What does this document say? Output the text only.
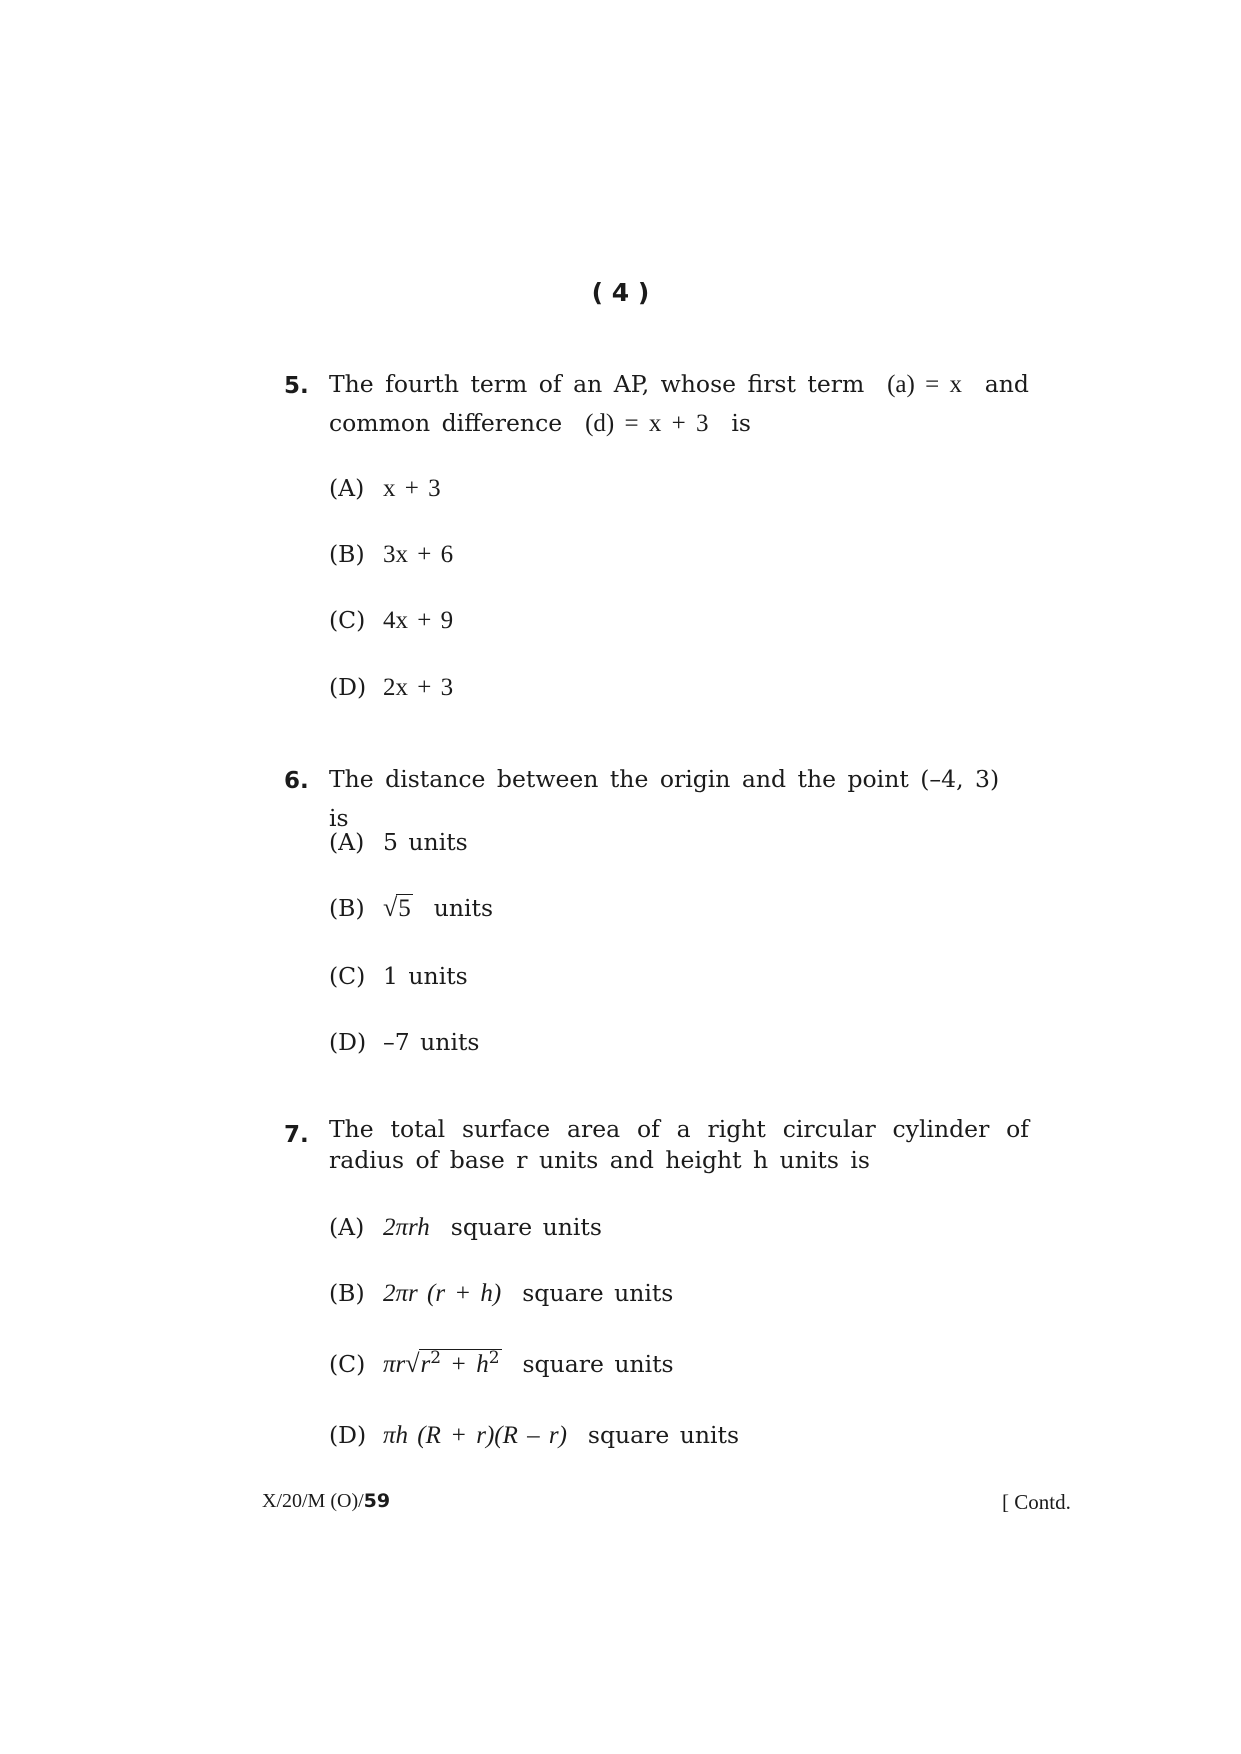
( 4 )
5. The fourth term of an AP, whose first term (a) = x and
common difference (d) = x + 3 is
(A) x + 3
(B) 3x + 6
(C) 4x + 9
(D) 2x + 3
6. The distance between the origin and the point (–4, 3) is
(A) 5 units
(B) √5 units
(C) 1 units
(D) –7 units
7. The total surface area of a right circular cylinder of
radius of base r units and height h units is
(A) 2πrh square units
(B) 2πr (r + h) square units
(C) $\pi r√r^2 + h^2$ square units
(D) πh (R + r)(R – r) square units
X/20/M (O)/59	[ Contd.
